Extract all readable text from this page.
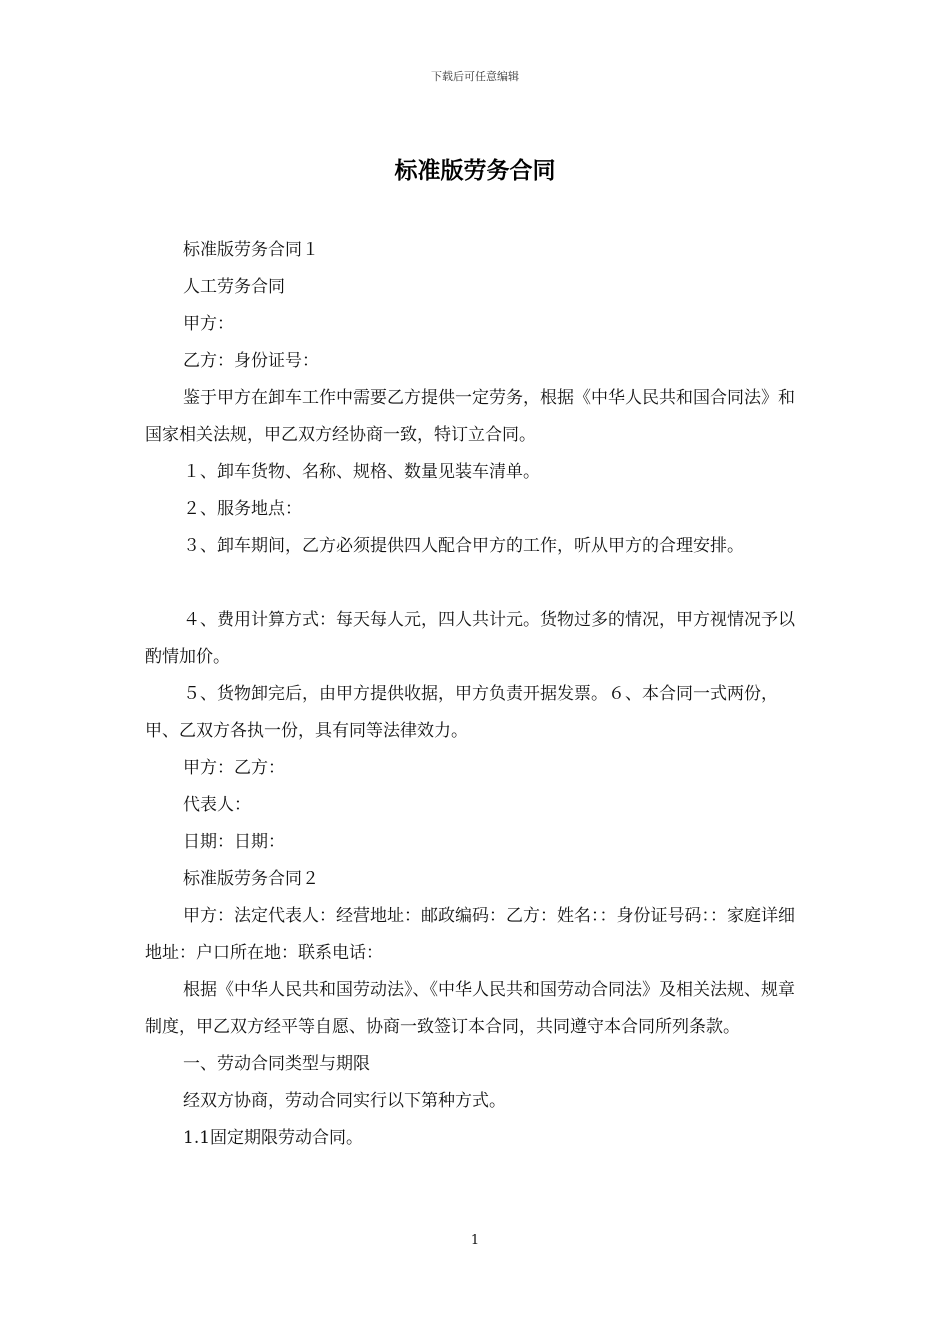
下载后可任意编辑
标准版劳务合同

标准版劳务合同１

人工劳务合同

甲方：

乙方：身份证号：

鉴于甲方在卸车工作中需要乙方提供一定劳务，根据《中华人民共和国合同法》和国家相关法规，甲乙双方经协商一致，特订立合同。

１、卸车货物、名称、规格、数量见装车清单。

２、服务地点：

３、卸车期间，乙方必须提供四人配合甲方的工作，听从甲方的合理安排。

４、费用计算方式：每天每人元，四人共计元。货物过多的情况，甲方视情况予以酌情加价。

５、货物卸完后，由甲方提供收据，甲方负责开据发票。６、本合同一式两份，甲、乙双方各执一份，具有同等法律效力。

甲方：乙方：

代表人：

日期：日期：

标准版劳务合同２

甲方：法定代表人：经营地址：邮政编码：乙方：姓名：：身份证号码：：家庭详细地址：户口所在地：联系电话：

根据《中华人民共和国劳动法》、《中华人民共和国劳动合同法》及相关法规、规章制度，甲乙双方经平等自愿、协商一致签订本合同，共同遵守本合同所列条款。

一、劳动合同类型与期限

经双方协商，劳动合同实行以下第种方式。

1.1固定期限劳动合同。

1
